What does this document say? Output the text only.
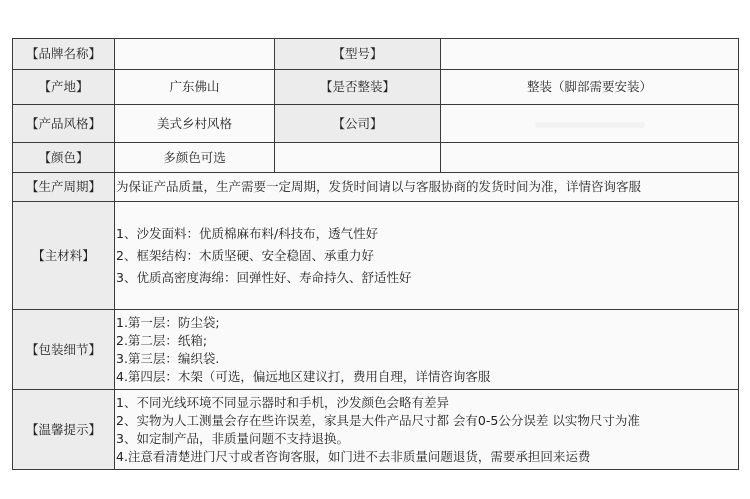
【品牌名称】		【型号】	
【产地】	广东佛山	【是否整装】	整装（脚部需要安装）
【产品风格】	美式乡村风格	【公司】	
【颜色】	多颜色可选		
【生产周期】	为保证产品质量，生产需要一定周期，发货时间请以与客服协商的发货时间为准，详情咨询客服		
【主材料】	1、沙发面料：优质棉麻布料/科技布，透气性好
2、框架结构：木质坚硬、安全稳固、承重力好
3、优质高密度海绵：回弹性好、寿命持久、舒适性好		

【包装细节】	1.第一层：防尘袋;
2.第二层：纸箱;
3.第三层：编织袋.
4.第四层：木架（可选，偏远地区建议打，费用自理，详情咨询客服		

【温馨提示】	1、不同光线环境不同显示器时和手机，沙发颜色会略有差异
2、实物为人工测量会存在些许误差，家具是大件产品尺寸都 会有0-5公分误差 以实物尺寸为准
3、如定制产品，非质量问题不支持退换。
4.注意看清楚进门尺寸或者咨询客服，如门进不去非质量问题退货，需要承担回来运费		
